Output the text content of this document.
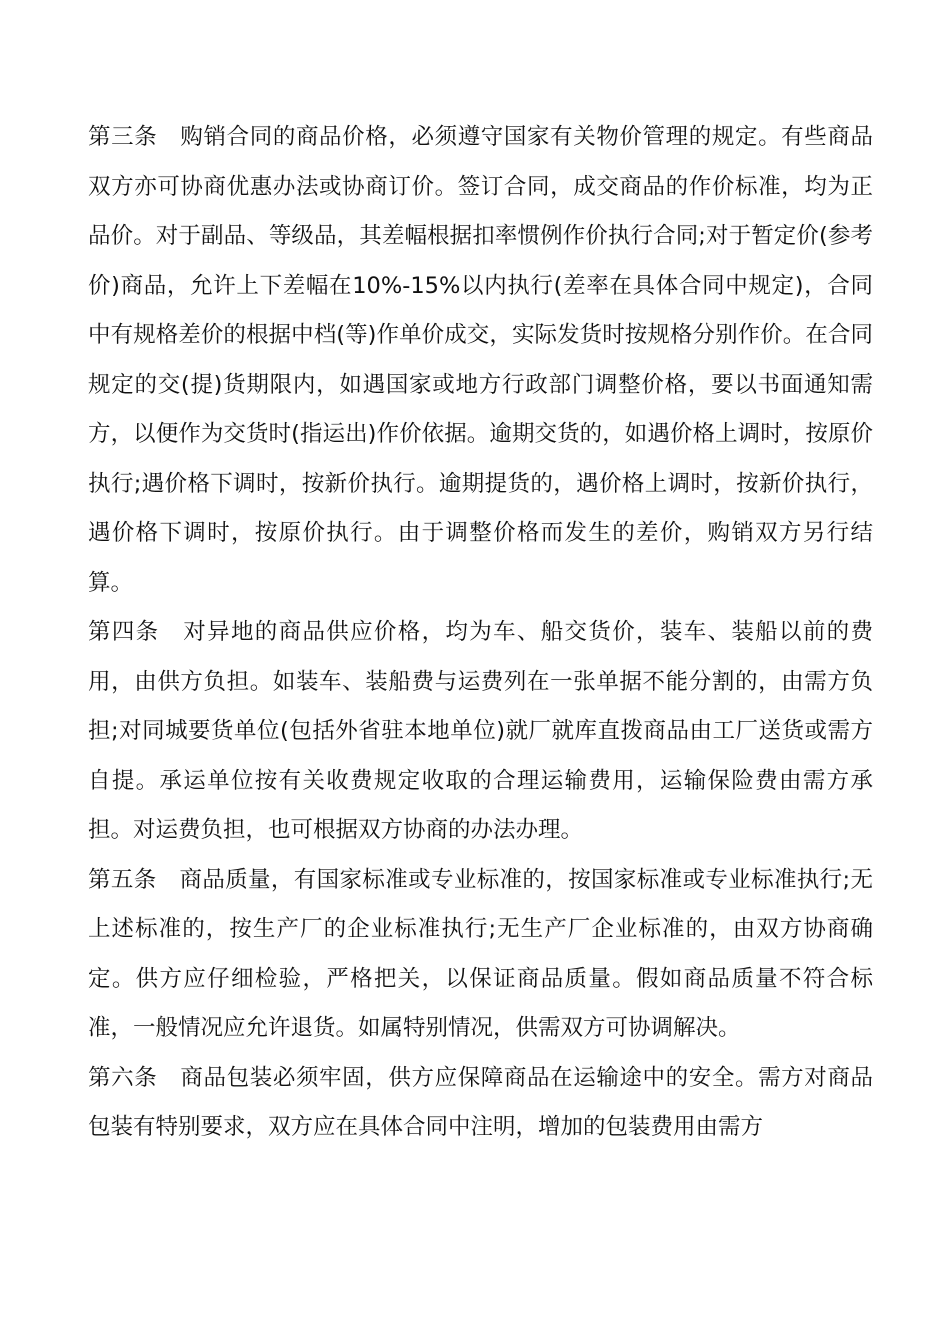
第三条　购销合同的商品价格，必须遵守国家有关物价管理的规定。有些商品双方亦可协商优惠办法或协商订价。签订合同，成交商品的作价标准，均为正品价。对于副品、等级品，其差幅根据扣率惯例作价执行合同;对于暂定价(参考价)商品，允许上下差幅在10%-15%以内执行(差率在具体合同中规定)，合同中有规格差价的根据中档(等)作单价成交，实际发货时按规格分别作价。在合同规定的交(提)货期限内，如遇国家或地方行政部门调整价格，要以书面通知需方，以便作为交货时(指运出)作价依据。逾期交货的，如遇价格上调时，按原价执行;遇价格下调时，按新价执行。逾期提货的，遇价格上调时，按新价执行，遇价格下调时，按原价执行。由于调整价格而发生的差价，购销双方另行结算。

第四条　对异地的商品供应价格，均为车、船交货价，装车、装船以前的费用，由供方负担。如装车、装船费与运费列在一张单据不能分割的，由需方负担;对同城要货单位(包括外省驻本地单位)就厂就库直拨商品由工厂送货或需方自提。承运单位按有关收费规定收取的合理运输费用，运输保险费由需方承担。对运费负担，也可根据双方协商的办法办理。

第五条　商品质量，有国家标准或专业标准的，按国家标准或专业标准执行;无上述标准的，按生产厂的企业标准执行;无生产厂企业标准的，由双方协商确定。供方应仔细检验，严格把关，以保证商品质量。假如商品质量不符合标准，一般情况应允许退货。如属特别情况，供需双方可协调解决。

第六条　商品包装必须牢固，供方应保障商品在运输途中的安全。需方对商品包装有特别要求，双方应在具体合同中注明，增加的包装费用由需方
